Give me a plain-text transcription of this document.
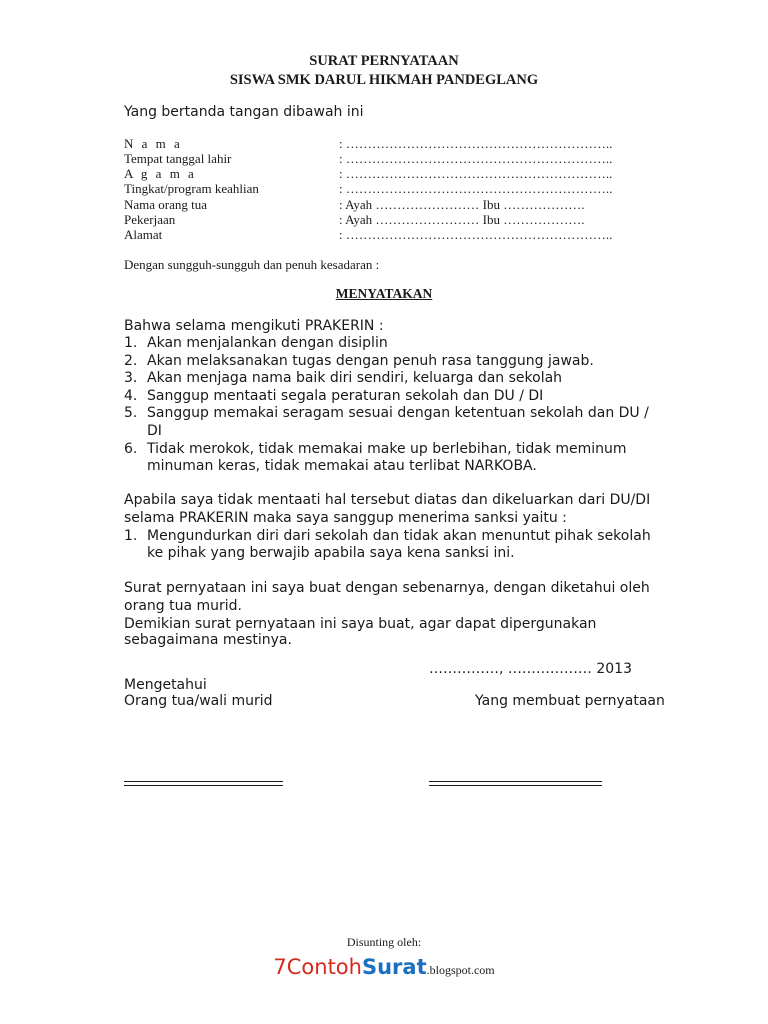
SURAT PERNYATAAN
SISWA SMK DARUL HIKMAH PANDEGLANG
Yang bertanda tangan dibawah ini
N a m a	: ……………………………………………………..
Tempat tanggal lahir	: ……………………………………………………..
A g a m a	: ……………………………………………………..
Tingkat/program keahlian	: ……………………………………………………..
Nama orang tua	: Ayah …………………… Ibu ……………….
Pekerjaan	: Ayah …………………… Ibu ……………….
Alamat	: ……………………………………………………..
Dengan sungguh-sungguh dan penuh kesadaran :
MENYATAKAN
Bahwa selama mengikuti PRAKERIN :
1. Akan menjalankan dengan disiplin
2. Akan melaksanakan tugas dengan penuh rasa tanggung jawab.
3. Akan menjaga nama baik diri sendiri, keluarga dan sekolah
4. Sanggup mentaati segala peraturan sekolah dan DU / DI
5. Sanggup memakai seragam sesuai dengan ketentuan sekolah dan DU /
DI
6. Tidak merokok, tidak memakai make up berlebihan, tidak meminum
minuman keras, tidak memakai atau terlibat NARKOBA.
Apabila saya tidak mentaati hal tersebut diatas dan dikeluarkan dari DU/DI
selama PRAKERIN maka saya sanggup menerima sanksi yaitu :
1. Mengundurkan diri dari sekolah dan tidak akan menuntut pihak sekolah
ke pihak yang berwajib apabila saya kena sanksi ini.
Surat pernyataan ini saya buat dengan sebenarnya, dengan diketahui oleh
orang tua murid.
Demikian surat pernyataan ini saya buat, agar dapat dipergunakan
sebagaimana mestinya.
……………, ……………… 2013
Mengetahui
Orang tua/wali murid	Yang membuat pernyataan
Disunting oleh:
7ContohSurat.blogspot.com
